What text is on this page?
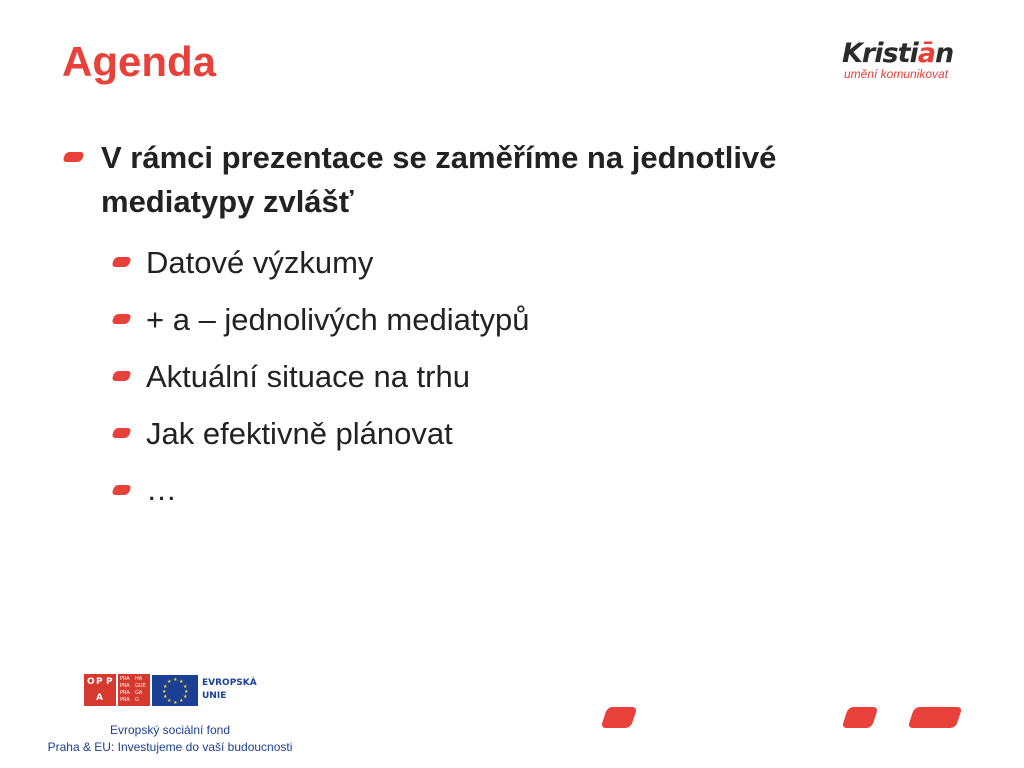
Agenda	Kristiān
umění komunikovat
V rámci prezentace se zaměříme na jednotlivé mediatypy zvlášť
Datové výzkumy
+ a – jednolivých mediatypů
Aktuální situace na trhu
Jak efektivně plánovat
…
O P P
A
PRA HA
PRA GUE
PRA GA
PRA G
★ ★
★
★
★
★
★
★
★
★
★
★	EVROPSKÁ
UNIE
Evropský sociální fond
Praha & EU: Investujeme do vaší budoucnosti
